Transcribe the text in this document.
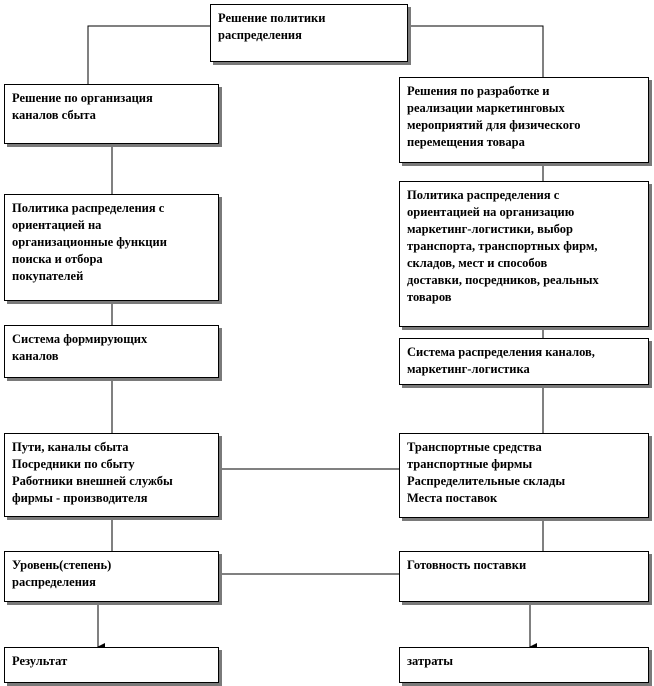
Решение политики
распределения
Решение по организация
каналов сбыта
Политика распределения с
ориентацией на
организационные функции
поиска и отбора
покупателей
Система формирующих
каналов
Пути, каналы сбыта
Посредники по сбыту
Работники внешней службы
фирмы - производителя
Уровень(степень)
распределения
Результат
Решения по разработке и
реализации маркетинговых
мероприятий для физического
перемещения товара
Политика распределения с
ориентацией на организацию
маркетинг-логистики, выбор
транспорта, транспортных фирм,
складов, мест и способов
доставки, посредников, реальных
товаров
Система распределения каналов,
маркетинг-логистика
Транспортные средства
транспортные фирмы
Распределительные склады
Места поставок
Готовность поставки
затраты
